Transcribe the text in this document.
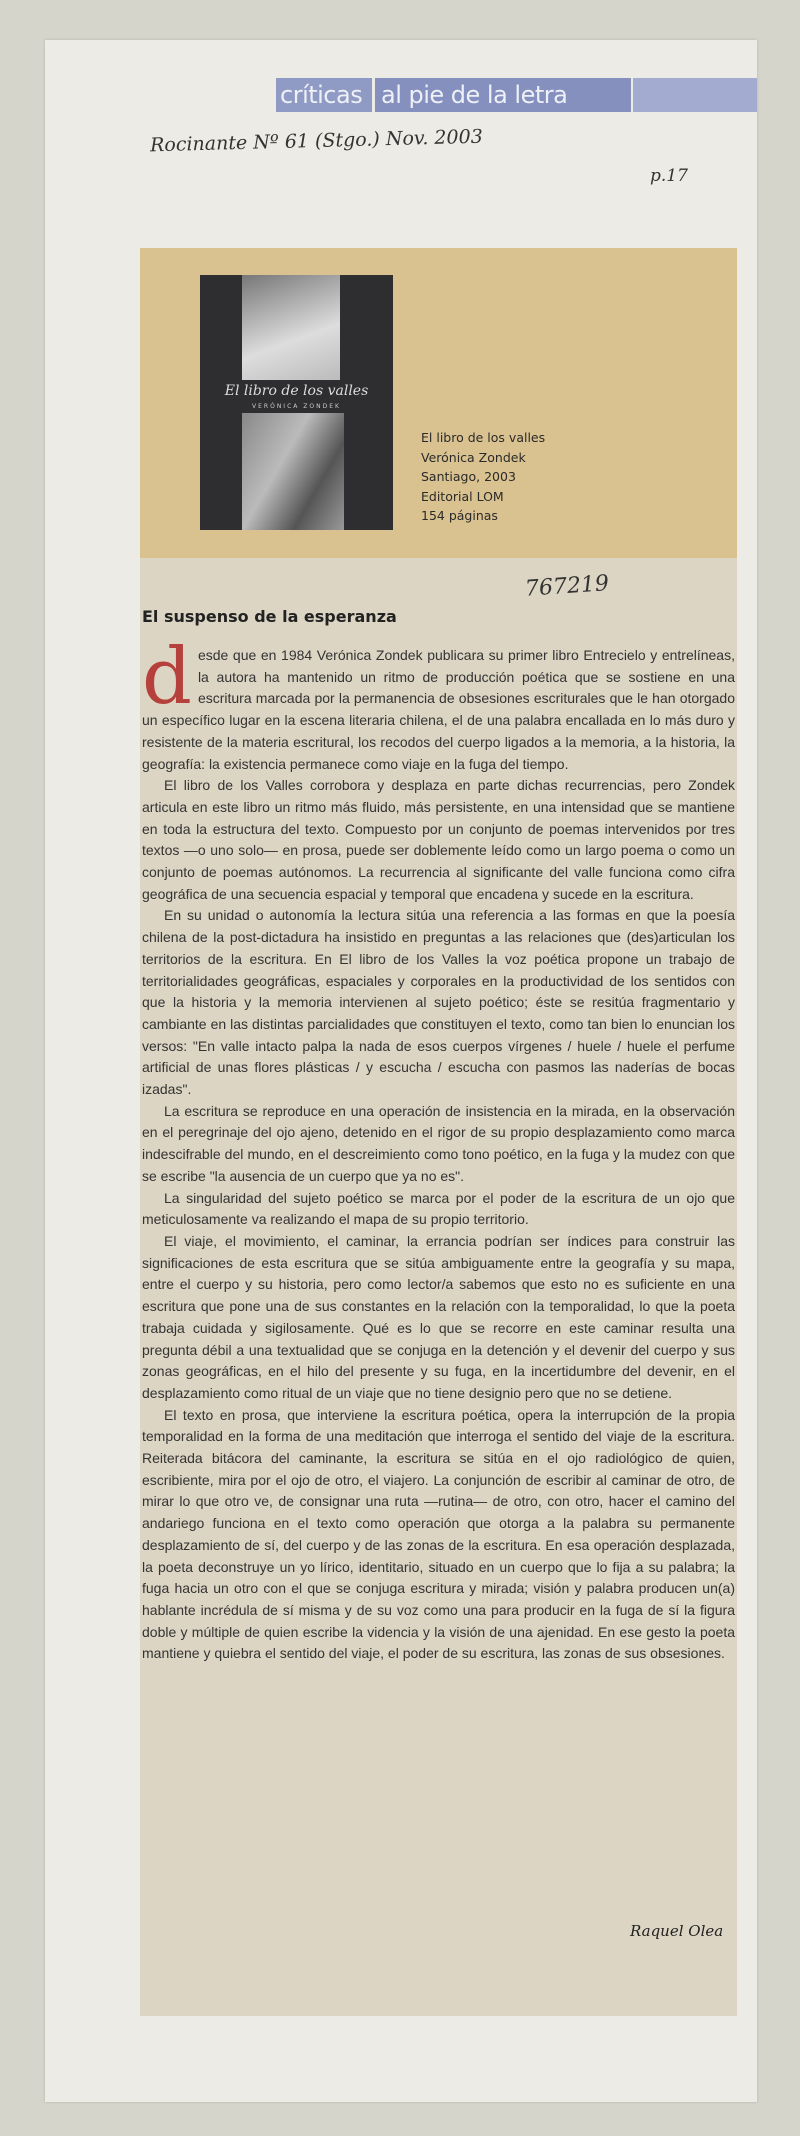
críticas al pie de la letra
Rocinante Nº 61 (Stgo.) Nov. 2003
p.17
El libro de los valles
VERÓNICA ZONDEK
El libro de los valles
Verónica Zondek
Santiago, 2003
Editorial LOM
154 páginas
767219
El suspenso de la esperanza

desde que en 1984 Verónica Zondek publicara su primer libro Entrecielo y entrelíneas, la autora ha mantenido un ritmo de producción poética que se sostiene en una escritura marcada por la permanencia de obsesiones escriturales que le han otorgado un específico lugar en la escena literaria chilena, el de una palabra encallada en lo más duro y resistente de la materia escritural, los recodos del cuerpo ligados a la memoria, a la historia, la geografía: la existencia permanece como viaje en la fuga del tiempo.

El libro de los Valles corrobora y desplaza en parte dichas recurrencias, pero Zondek articula en este libro un ritmo más fluido, más persistente, en una intensidad que se mantiene en toda la estructura del texto. Compuesto por un conjunto de poemas intervenidos por tres textos —o uno solo— en prosa, puede ser doblemente leído como un largo poema o como un conjunto de poemas autónomos. La recurrencia al significante del valle funciona como cifra geográfica de una secuencia espacial y temporal que encadena y sucede en la escritura.

En su unidad o autonomía la lectura sitúa una referencia a las formas en que la poesía chilena de la post-dictadura ha insistido en preguntas a las relaciones que (des)articulan los territorios de la escritura. En El libro de los Valles la voz poética propone un trabajo de territorialidades geográficas, espaciales y corporales en la productividad de los sentidos con que la historia y la memoria intervienen al sujeto poético; éste se resitúa fragmentario y cambiante en las distintas parcialidades que constituyen el texto, como tan bien lo enuncian los versos: "En valle intacto palpa la nada de esos cuerpos vírgenes / huele / huele el perfume artificial de unas flores plásticas / y escucha / escucha con pasmos las naderías de bocas izadas".

La escritura se reproduce en una operación de insistencia en la mirada, en la observación en el peregrinaje del ojo ajeno, detenido en el rigor de su propio desplazamiento como marca indescifrable del mundo, en el descreimiento como tono poético, en la fuga y la mudez con que se escribe "la ausencia de un cuerpo que ya no es".

La singularidad del sujeto poético se marca por el poder de la escritura de un ojo que meticulosamente va realizando el mapa de su propio territorio.

El viaje, el movimiento, el caminar, la errancia podrían ser índices para construir las significaciones de esta escritura que se sitúa ambiguamente entre la geografía y su mapa, entre el cuerpo y su historia, pero como lector/a sabemos que esto no es suficiente en una escritura que pone una de sus constantes en la relación con la temporalidad, lo que la poeta trabaja cuidada y sigilosamente. Qué es lo que se recorre en este caminar resulta una pregunta débil a una textualidad que se conjuga en la detención y el devenir del cuerpo y sus zonas geográficas, en el hilo del presente y su fuga, en la incertidumbre del devenir, en el desplazamiento como ritual de un viaje que no tiene designio pero que no se detiene.

El texto en prosa, que interviene la escritura poética, opera la interrupción de la propia temporalidad en la forma de una meditación que interroga el sentido del viaje de la escritura. Reiterada bitácora del caminante, la escritura se sitúa en el ojo radiológico de quien, escribiente, mira por el ojo de otro, el viajero. La conjunción de escribir al caminar de otro, de mirar lo que otro ve, de consignar una ruta —rutina— de otro, con otro, hacer el camino del andariego funciona en el texto como operación que otorga a la palabra su permanente desplazamiento de sí, del cuerpo y de las zonas de la escritura. En esa operación desplazada, la poeta deconstruye un yo lírico, identitario, situado en un cuerpo que lo fija a su palabra; la fuga hacia un otro con el que se conjuga escritura y mirada; visión y palabra producen un(a) hablante incrédula de sí misma y de su voz como una para producir en la fuga de sí la figura doble y múltiple de quien escribe la videncia y la visión de una ajenidad. En ese gesto la poeta mantiene y quiebra el sentido del viaje, el poder de su escritura, las zonas de sus obsesiones.

Raquel Olea
